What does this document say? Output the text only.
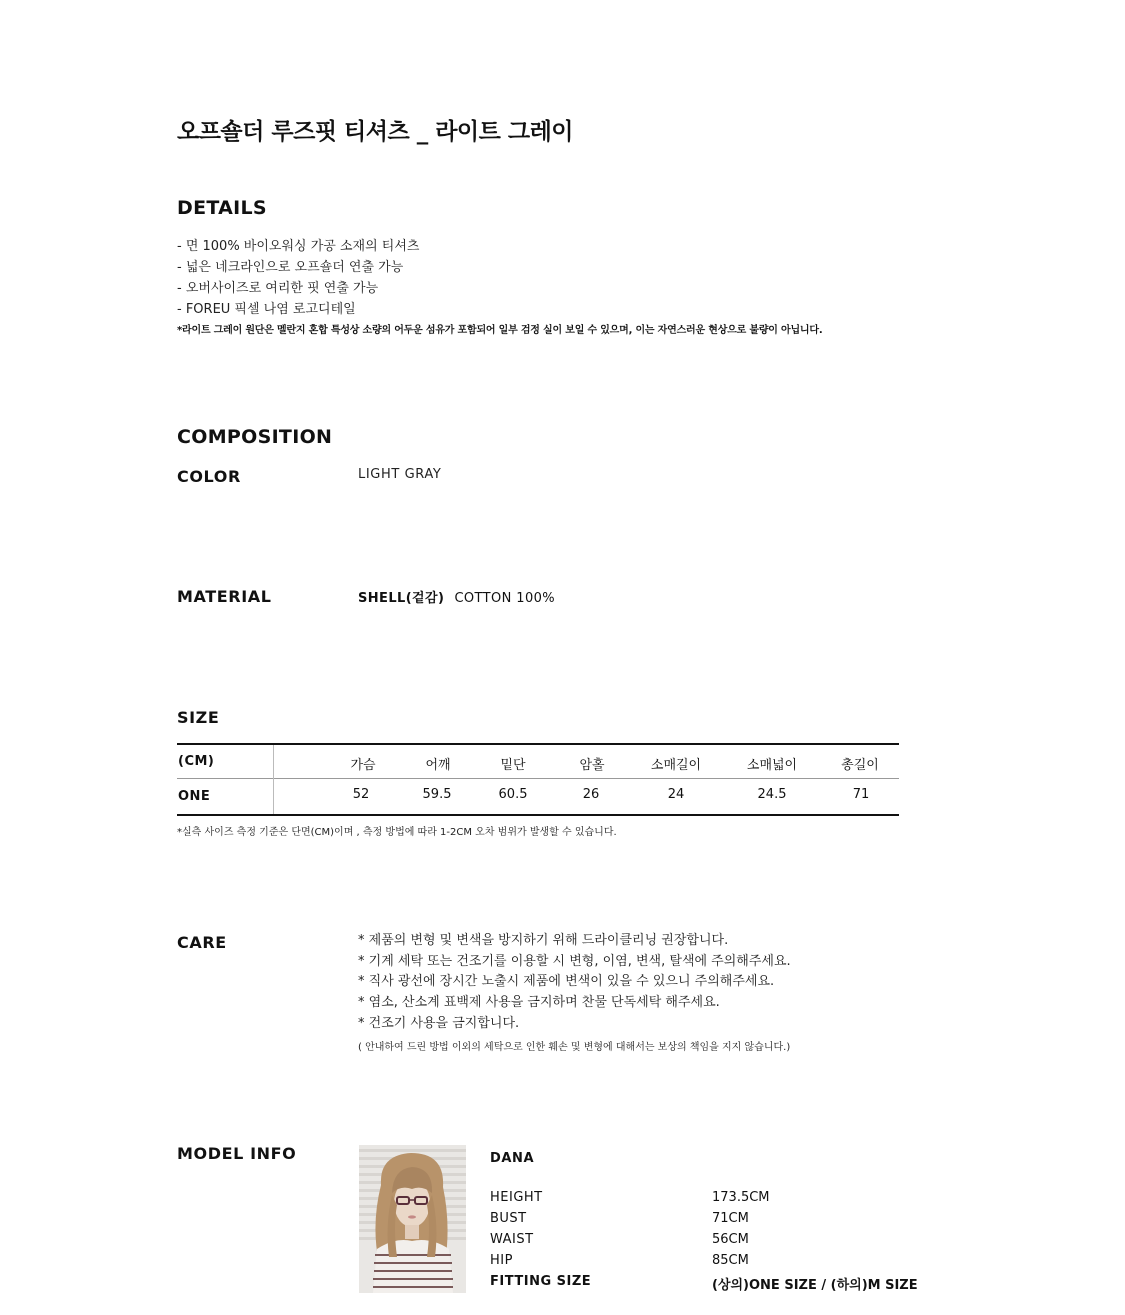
오프숄더 루즈핏 티셔츠 _ 라이트 그레이
DETAILS
- 면 100% 바이오워싱 가공 소재의 티셔츠
- 넓은 네크라인으로 오프숄더 연출 가능
- 오버사이즈로 여리한 핏 연출 가능
- FOREU 픽셀 나염 로고디테일
*라이트 그레이 원단은 멜란지 혼합 특성상 소량의 어두운 섬유가 포함되어 일부 검정 실이 보일 수 있으며, 이는 자연스러운 현상으로 불량이 아닙니다.
COMPOSITION
COLOR	LIGHT GRAY
MATERIAL	SHELL(겉감) COTTON 100%
SIZE
(CM)	가슴	어깨	밑단	암홀	소매길이	소매넓이	총길이
ONE	52	59.5	60.5	26	24	24.5	71
*실측 사이즈 측정 기준은 단면(CM)이며 , 측정 방법에 따라 1-2CM 오차 범위가 발생할 수 있습니다.
CARE	* 제품의 변형 및 변색을 방지하기 위해 드라이클리닝 권장합니다.
* 기계 세탁 또는 건조기를 이용할 시 변형, 이염, 변색, 탈색에 주의해주세요.
* 직사 광선에 장시간 노출시 제품에 변색이 있을 수 있으니 주의해주세요.
* 염소, 산소계 표백제 사용을 금지하며 찬물 단독세탁 해주세요.
* 건조기 사용을 금지합니다.
( 안내하여 드린 방법 이외의 세탁으로 인한 훼손 및 변형에 대해서는 보상의 책임을 지지 않습니다.)
MODEL INFO	DANA
HEIGHT	173.5CM
BUST	71CM
WAIST	56CM
HIP	85CM
FITTING SIZE	(상의)ONE SIZE / (하의)M SIZE
